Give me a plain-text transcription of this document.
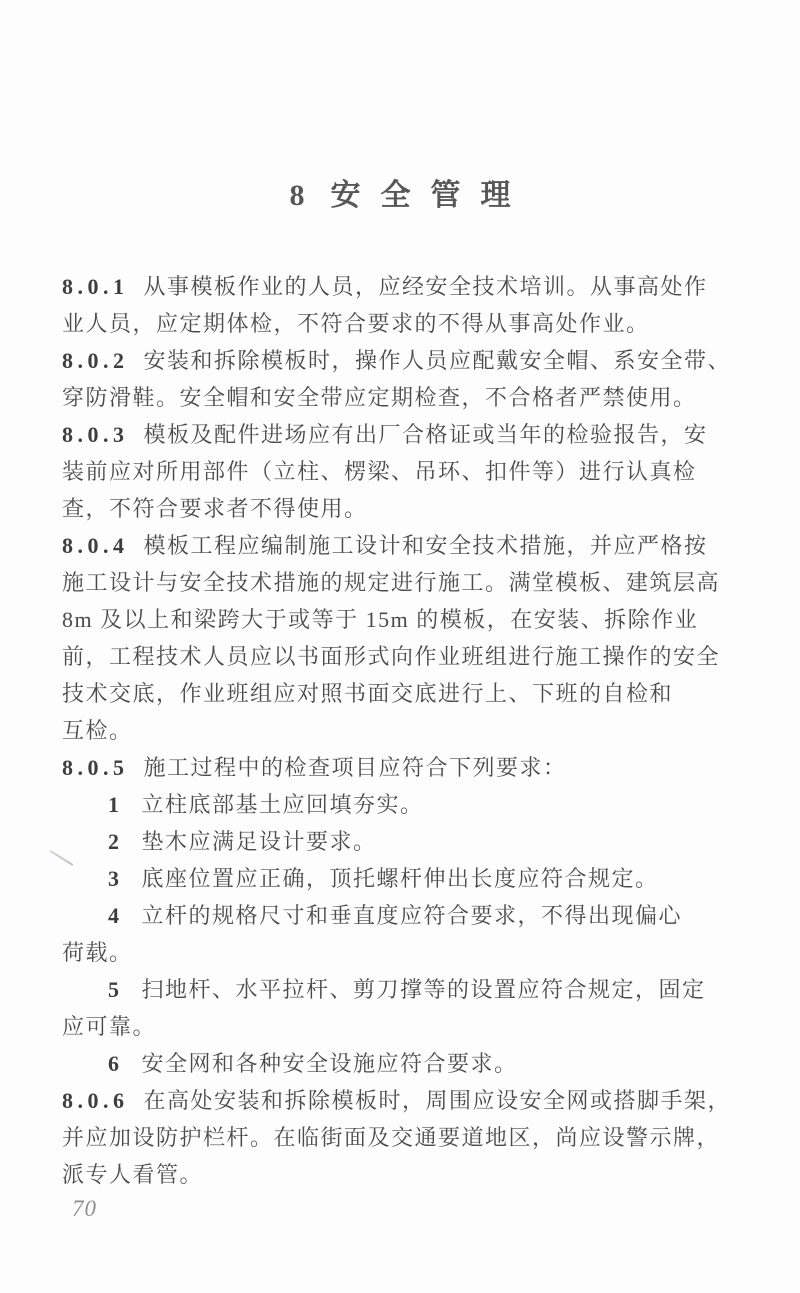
8 安全管理
8.0.1 从事模板作业的人员，应经安全技术培训。从事高处作
业人员，应定期体检，不符合要求的不得从事高处作业。
8.0.2 安装和拆除模板时，操作人员应配戴安全帽、系安全带、
穿防滑鞋。安全帽和安全带应定期检查，不合格者严禁使用。
8.0.3 模板及配件进场应有出厂合格证或当年的检验报告，安
装前应对所用部件（立柱、楞梁、吊环、扣件等）进行认真检
查，不符合要求者不得使用。
8.0.4 模板工程应编制施工设计和安全技术措施，并应严格按
施工设计与安全技术措施的规定进行施工。满堂模板、建筑层高
8m 及以上和梁跨大于或等于 15m 的模板，在安装、拆除作业
前，工程技术人员应以书面形式向作业班组进行施工操作的安全
技术交底，作业班组应对照书面交底进行上、下班的自检和
互检。
8.0.5 施工过程中的检查项目应符合下列要求：
1 立柱底部基土应回填夯实。
2 垫木应满足设计要求。
3 底座位置应正确，顶托螺杆伸出长度应符合规定。
4 立杆的规格尺寸和垂直度应符合要求，不得出现偏心
荷载。
5 扫地杆、水平拉杆、剪刀撑等的设置应符合规定，固定
应可靠。
6 安全网和各种安全设施应符合要求。
8.0.6 在高处安装和拆除模板时，周围应设安全网或搭脚手架，
并应加设防护栏杆。在临街面及交通要道地区，尚应设警示牌，
派专人看管。
70
